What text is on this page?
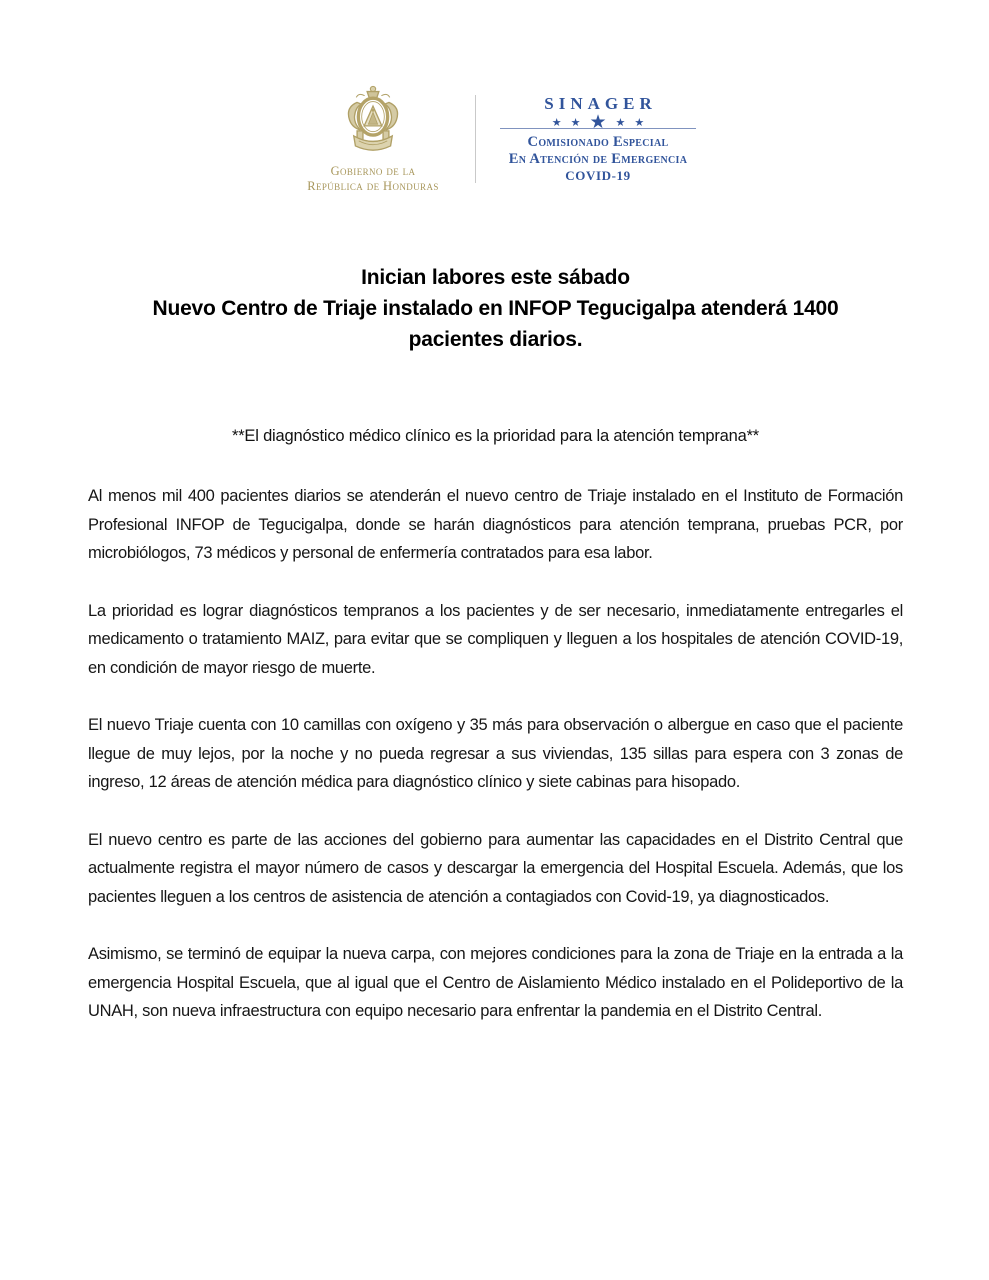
Gobierno de la
República de Honduras
SINAGER
★ ★ ★ ★ ★
Comisionado Especial
En Atención de Emergencia
COVID-19
Inician labores este sábado
Nuevo Centro de Triaje instalado en INFOP Tegucigalpa atenderá 1400
pacientes diarios.
**El diagnóstico médico clínico es la prioridad para la atención temprana**

Al menos mil 400 pacientes diarios se atenderán el nuevo centro de Triaje instalado en el Instituto de Formación Profesional INFOP de Tegucigalpa, donde se harán diagnósticos para atención temprana, pruebas PCR, por microbiólogos, 73 médicos y personal de enfermería contratados para esa labor.

La prioridad es lograr diagnósticos tempranos a los pacientes y de ser necesario, inmediatamente entregarles el medicamento o tratamiento MAIZ, para evitar que se compliquen y lleguen a los hospitales de atención COVID-19, en condición de mayor riesgo de muerte.

El nuevo Triaje cuenta con 10 camillas con oxígeno y 35 más para observación o albergue en caso que el paciente llegue de muy lejos, por la noche y no pueda regresar a sus viviendas, 135 sillas para espera con 3 zonas de ingreso, 12 áreas de atención médica para diagnóstico clínico y siete cabinas para hisopado.

El nuevo centro es parte de las acciones del gobierno para aumentar las capacidades en el Distrito Central que actualmente registra el mayor número de casos y descargar la emergencia del Hospital Escuela. Además, que los pacientes lleguen a los centros de asistencia de atención a contagiados con Covid-19, ya diagnosticados.

Asimismo, se terminó de equipar la nueva carpa, con mejores condiciones para la zona de Triaje en la entrada a la emergencia Hospital Escuela, que al igual que el Centro de Aislamiento Médico instalado en el Polideportivo de la UNAH, son nueva infraestructura con equipo necesario para enfrentar la pandemia en el Distrito Central.
